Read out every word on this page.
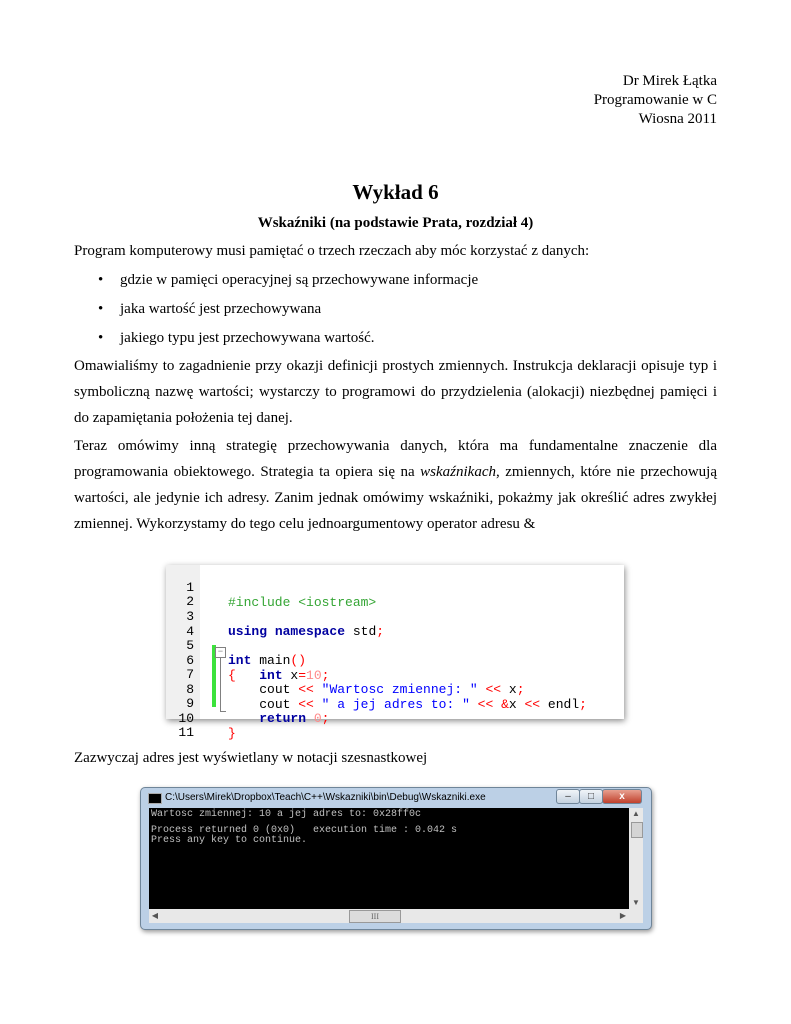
Dr Mirek Łątka
Programowanie w C
Wiosna 2011
Wykład 6
Wskaźniki (na podstawie Prata, rozdział 4)
Program komputerowy musi pamiętać o trzech rzeczach aby móc korzystać z danych:
• gdzie w pamięci operacyjnej są przechowywane informacje
• jaka wartość jest przechowywana
• jakiego typu jest przechowywana wartość.
Omawialiśmy to zagadnienie przy okazji definicji prostych zmiennych. Instrukcja deklaracji opisuje typ i symboliczną nazwę wartości; wystarczy to programowi do przydzielenia (alokacji) niezbędnej pamięci i do zapamiętania położenia tej danej.
Teraz omówimy inną strategię przechowywania danych, która ma fundamentalne znaczenie dla programowania obiektowego. Strategia ta opiera się na wskaźnikach, zmiennych, które nie przechowują wartości, ale jedynie ich adresy. Zanim jednak omówimy wskaźniki, pokażmy jak określić adres zwykłej zmiennej. Wykorzystamy do tego celu jednoargumentowy operator adresu &
−

1

#include <iostream>

2

3

using namespace std;

4

5

int main()

6

{ int x=10;

7

cout << "Wartosc zmiennej: " << x;

8

cout << " a jej adres to: " << &x << endl;

9

return 0;

10

}

11

Zazwyczaj adres jest wyświetlany w notacji szesnastkowej
C:\Users\Mirek\Dropbox\Teach\C++\Wskazniki\bin\Debug\Wskazniki.exe	–	□	x

Wartosc zmiennej: 10 a jej adres to: 0x28ff0c

Process returned 0 (0x0)   execution time : 0.042 s

Press any key to continue.

▲
▼
◀	III	▶
